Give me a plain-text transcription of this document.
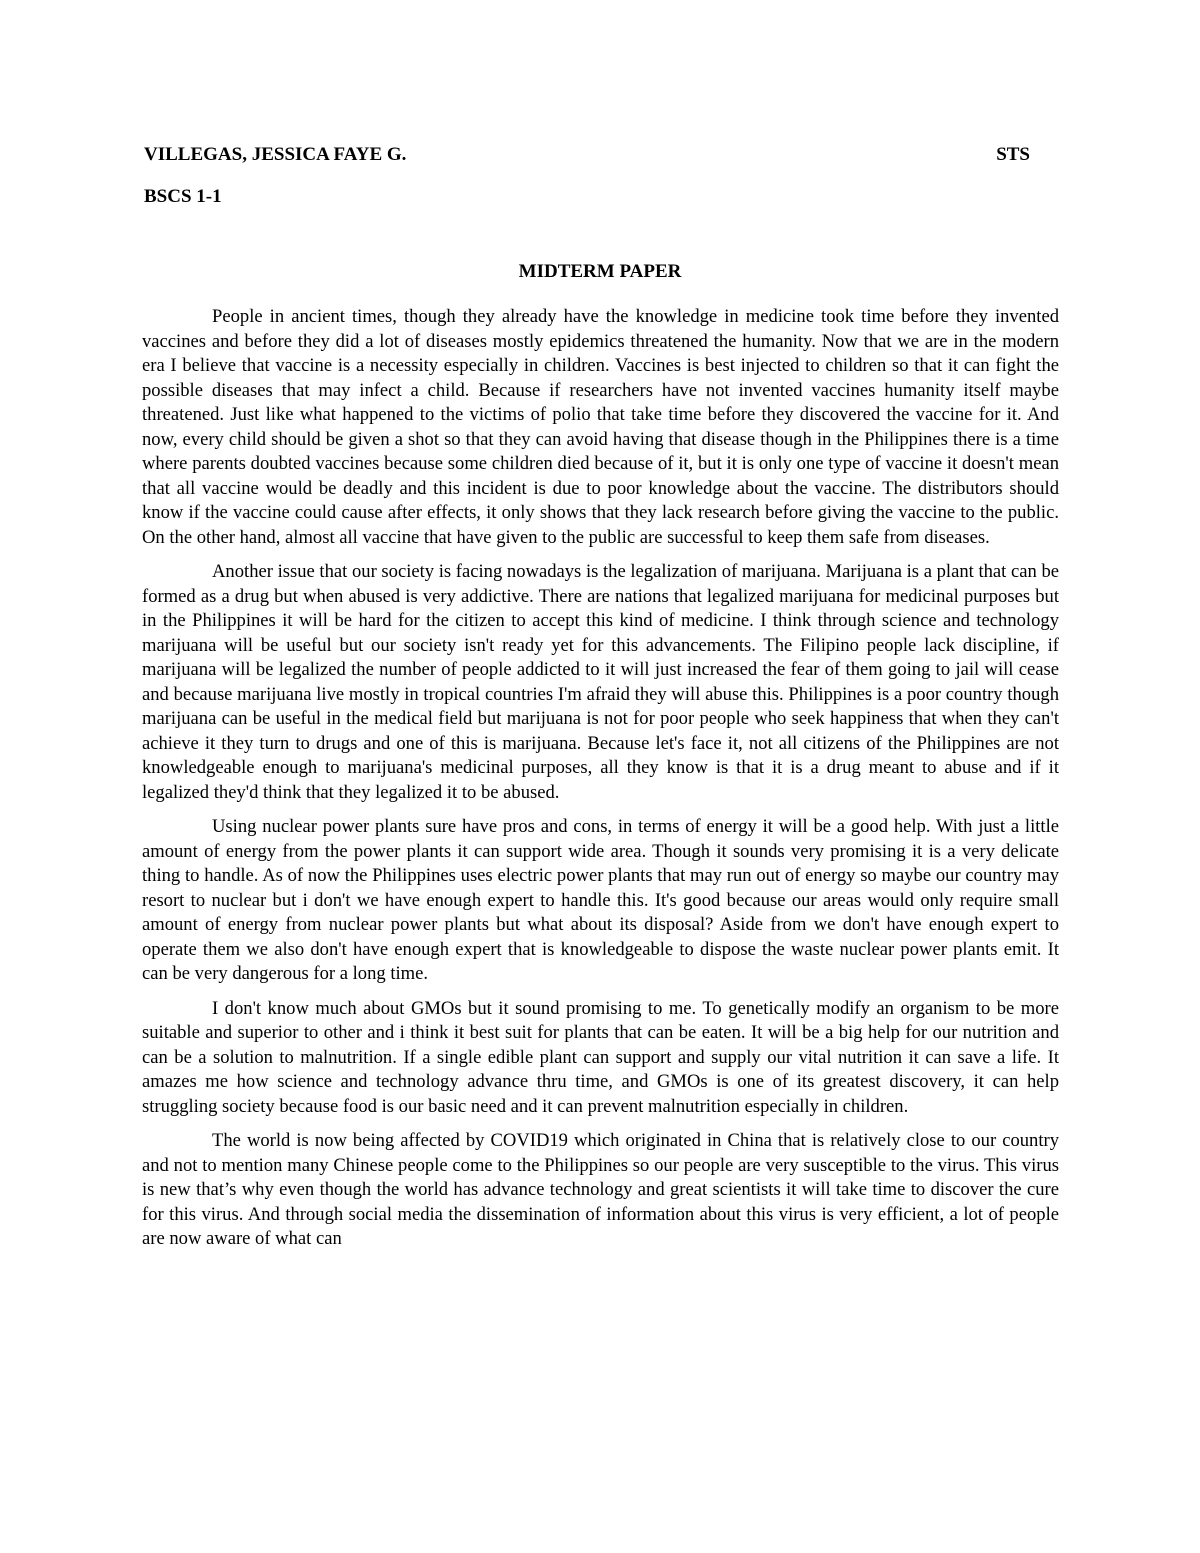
VILLEGAS, JESSICA FAYE G.	STS
BSCS 1-1
MIDTERM PAPER

People in ancient times, though they already have the knowledge in medicine took time before they invented vaccines and before they did a lot of diseases mostly epidemics threatened the humanity. Now that we are in the modern era I believe that vaccine is a necessity especially in children. Vaccines is best injected to children so that it can fight the possible diseases that may infect a child. Because if researchers have not invented vaccines humanity itself maybe threatened. Just like what happened to the victims of polio that take time before they discovered the vaccine for it. And now, every child should be given a shot so that they can avoid having that disease though in the Philippines there is a time where parents doubted vaccines because some children died because of it, but it is only one type of vaccine it doesn't mean that all vaccine would be deadly and this incident is due to poor knowledge about the vaccine. The distributors should know if the vaccine could cause after effects, it only shows that they lack research before giving the vaccine to the public. On the other hand, almost all vaccine that have given to the public are successful to keep them safe from diseases.

Another issue that our society is facing nowadays is the legalization of marijuana. Marijuana is a plant that can be formed as a drug but when abused is very addictive. There are nations that legalized marijuana for medicinal purposes but in the Philippines it will be hard for the citizen to accept this kind of medicine. I think through science and technology marijuana will be useful but our society isn't ready yet for this advancements. The Filipino people lack discipline, if marijuana will be legalized the number of people addicted to it will just increased the fear of them going to jail will cease and because marijuana live mostly in tropical countries I'm afraid they will abuse this. Philippines is a poor country though marijuana can be useful in the medical field but marijuana is not for poor people who seek happiness that when they can't achieve it they turn to drugs and one of this is marijuana. Because let's face it, not all citizens of the Philippines are not knowledgeable enough to marijuana's medicinal purposes, all they know is that it is a drug meant to abuse and if it legalized they'd think that they legalized it to be abused.

Using nuclear power plants sure have pros and cons, in terms of energy it will be a good help. With just a little amount of energy from the power plants it can support wide area. Though it sounds very promising it is a very delicate thing to handle. As of now the Philippines uses electric power plants that may run out of energy so maybe our country may resort to nuclear but i don't we have enough expert to handle this. It's good because our areas would only require small amount of energy from nuclear power plants but what about its disposal? Aside from we don't have enough expert to operate them we also don't have enough expert that is knowledgeable to dispose the waste nuclear power plants emit. It can be very dangerous for a long time.

I don't know much about GMOs but it sound promising to me. To genetically modify an organism to be more suitable and superior to other and i think it best suit for plants that can be eaten. It will be a big help for our nutrition and can be a solution to malnutrition. If a single edible plant can support and supply our vital nutrition it can save a life. It amazes me how science and technology advance thru time, and GMOs is one of its greatest discovery, it can help struggling society because food is our basic need and it can prevent malnutrition especially in children.

The world is now being affected by COVID19 which originated in China that is relatively close to our country and not to mention many Chinese people come to the Philippines so our people are very susceptible to the virus. This virus is new that’s why even though the world has advance technology and great scientists it will take time to discover the cure for this virus. And through social media the dissemination of information about this virus is very efficient, a lot of people are now aware of what can
